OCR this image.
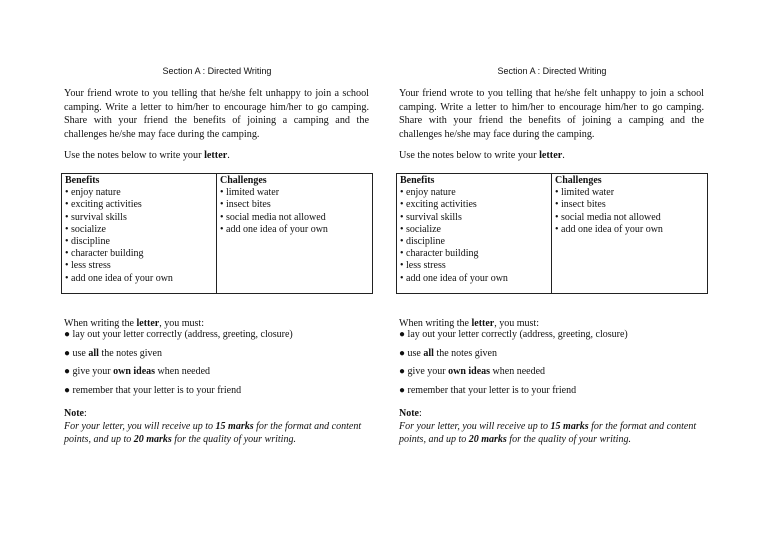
Section A : Directed Writing

Your friend wrote to you telling that he/she felt unhappy to join a school camping. Write a letter to him/her to encourage him/her to go camping. Share with your friend the benefits of joining a camping and the challenges he/she may face during the camping.

Use the notes below to write your letter.

Benefits
• enjoy nature
• exciting activities
• survival skills
• socialize
• discipline
• character building
• less stress
• add one idea of your own

Challenges
• limited water
• insect bites
• social media not allowed
• add one idea of your own

When writing the letter, you must:

● lay out your letter correctly (address, greeting, closure)
● use all the notes given
● give your own ideas when needed
● remember that your letter is to your friend

Note:

For your letter, you will receive up to 15 marks for the format and content points, and up to 20 marks for the quality of your writing.

Section A : Directed Writing

Your friend wrote to you telling that he/she felt unhappy to join a school camping. Write a letter to him/her to encourage him/her to go camping. Share with your friend the benefits of joining a camping and the challenges he/she may face during the camping.

Use the notes below to write your letter.

Benefits
• enjoy nature
• exciting activities
• survival skills
• socialize
• discipline
• character building
• less stress
• add one idea of your own

Challenges
• limited water
• insect bites
• social media not allowed
• add one idea of your own

When writing the letter, you must:

● lay out your letter correctly (address, greeting, closure)
● use all the notes given
● give your own ideas when needed
● remember that your letter is to your friend

Note:

For your letter, you will receive up to 15 marks for the format and content points, and up to 20 marks for the quality of your writing.
